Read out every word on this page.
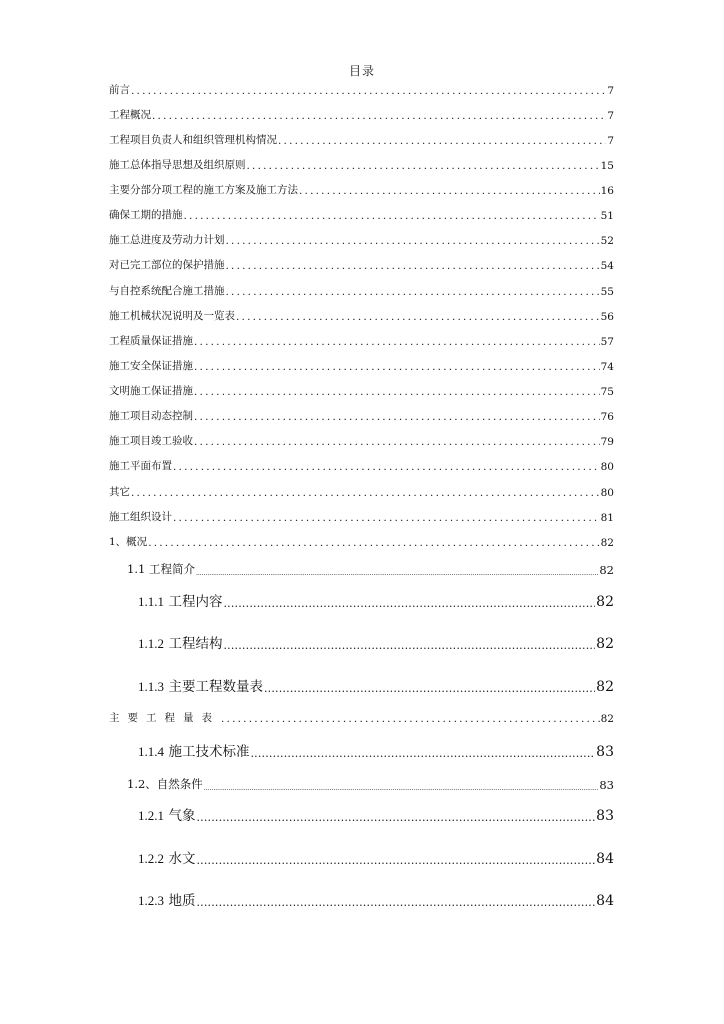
目录
前言 .....	7
工程概况 .....	7
工程项目负责人和组织管理机构情况 .....	7
施工总体指导思想及组织原则 .....	15
主要分部分项工程的施工方案及施工方法 .....	16
确保工期的措施 .....	51
施工总进度及劳动力计划 .....	52
对已完工部位的保护措施 .....	54
与自控系统配合施工措施 .....	55
施工机械状况说明及一览表 .....	56
工程质量保证措施 .....	57
施工安全保证措施 .....	74
文明施工保证措施 .....	75
施工项目动态控制 .....	76
施工项目竣工验收 .....	79
施工平面布置 .....	80
其它 .....	80
施工组织设计 .....	81
1、概况 .....	82
1.1 工程简介 .....	82
1.1.1 工程内容 .....	82
1.1.2 工程结构 .....	82
1.1.3 主要工程数量表 .....	82
主要工程量表 .....	82
1.1.4 施工技术标准 .....	83
1.2、自然条件 .....	83
1.2.1 气象 .....	83
1.2.2 水文 .....	84
1.2.3 地质 .....	84
